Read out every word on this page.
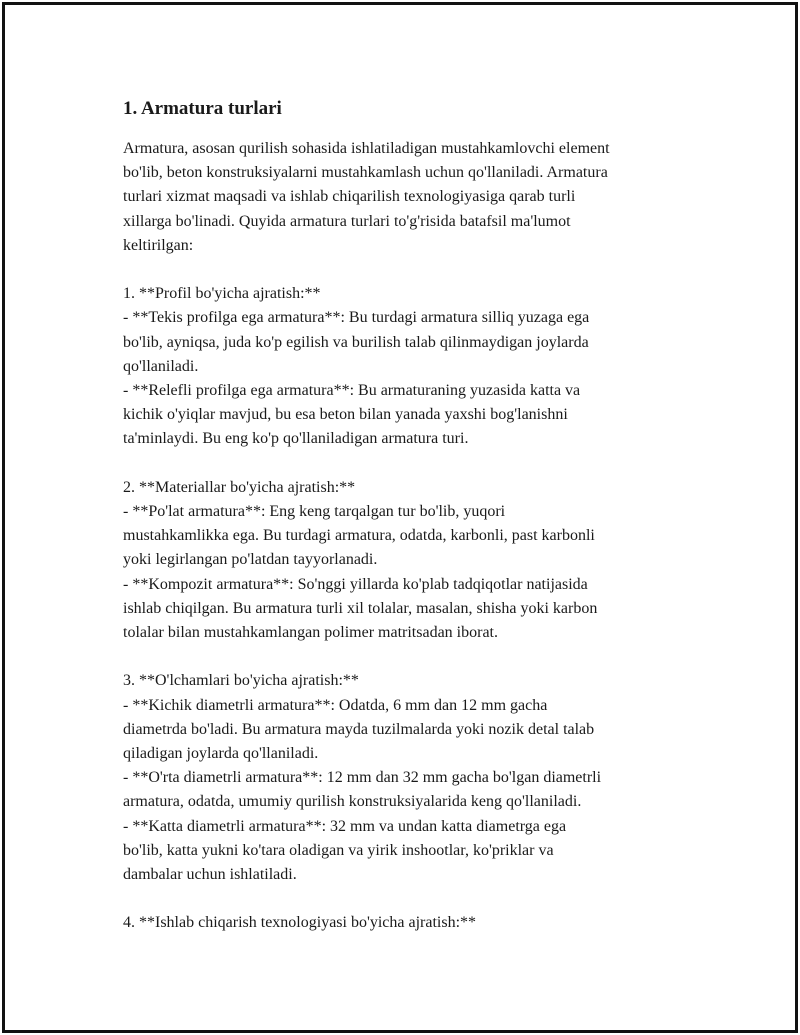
1. Armatura turlari

Armatura, asosan qurilish sohasida ishlatiladigan mustahkamlovchi element
bo'lib, beton konstruksiyalarni mustahkamlash uchun qo'llaniladi. Armatura
turlari xizmat maqsadi va ishlab chiqarilish texnologiyasiga qarab turli
xillarga bo'linadi. Quyida armatura turlari to'g'risida batafsil ma'lumot
keltirilgan:

1. **Profil bo'yicha ajratish:**
- **Tekis profilga ega armatura**: Bu turdagi armatura silliq yuzaga ega
bo'lib, ayniqsa, juda ko'p egilish va burilish talab qilinmaydigan joylarda
qo'llaniladi.
- **Relefli profilga ega armatura**: Bu armaturaning yuzasida katta va
kichik o'yiqlar mavjud, bu esa beton bilan yanada yaxshi bog'lanishni
ta'minlaydi. Bu eng ko'p qo'llaniladigan armatura turi.

2. **Materiallar bo'yicha ajratish:**
- **Po'lat armatura**: Eng keng tarqalgan tur bo'lib, yuqori
mustahkamlikka ega. Bu turdagi armatura, odatda, karbonli, past karbonli
yoki legirlangan po'latdan tayyorlanadi.
- **Kompozit armatura**: So'nggi yillarda ko'plab tadqiqotlar natijasida
ishlab chiqilgan. Bu armatura turli xil tolalar, masalan, shisha yoki karbon
tolalar bilan mustahkamlangan polimer matritsadan iborat.

3. **O'lchamlari bo'yicha ajratish:**
- **Kichik diametrli armatura**: Odatda, 6 mm dan 12 mm gacha
diametrda bo'ladi. Bu armatura mayda tuzilmalarda yoki nozik detal talab
qiladigan joylarda qo'llaniladi.
- **O'rta diametrli armatura**: 12 mm dan 32 mm gacha bo'lgan diametrli
armatura, odatda, umumiy qurilish konstruksiyalarida keng qo'llaniladi.
- **Katta diametrli armatura**: 32 mm va undan katta diametrga ega
bo'lib, katta yukni ko'tara oladigan va yirik inshootlar, ko'priklar va
dambalar uchun ishlatiladi.

4. **Ishlab chiqarish texnologiyasi bo'yicha ajratish:**
